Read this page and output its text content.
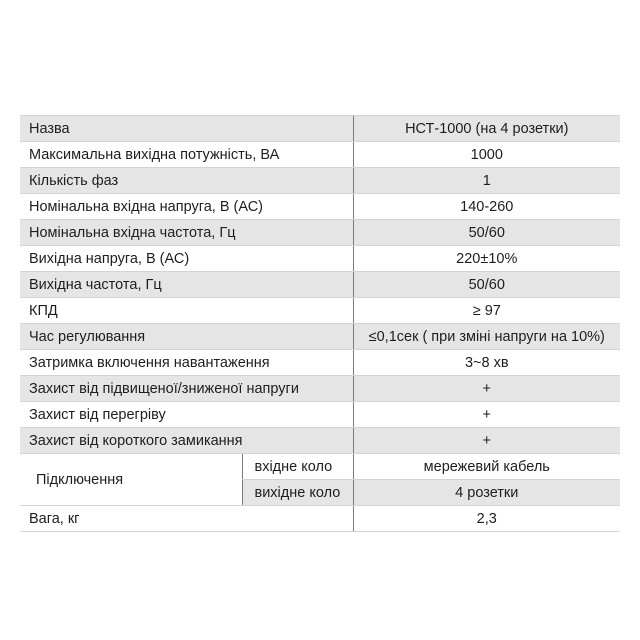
Назва		НСТ-1000 (на 4 розетки)
Максимальна вихідна потужність, ВА		1000
Кількість фаз		1
Номінальна вхідна напруга, В (АС)		140-260
Номінальна вхідна частота, Гц		50/60
Вихідна напруга, В (АС)		220±10%
Вихідна частота, Гц		50/60
КПД		≥ 97
Час регулювання		≤0,1сек ( при зміні напруги на 10%)
Затримка включення навантаження		3~8 хв
Захист від підвищеної/зниженої напруги		+
Захист від перегріву		+
Захист від короткого замикання		+
Підключення	вхідне коло	мережевий кабель
	вихідне коло	4 розетки
Вага, кг		2,3
